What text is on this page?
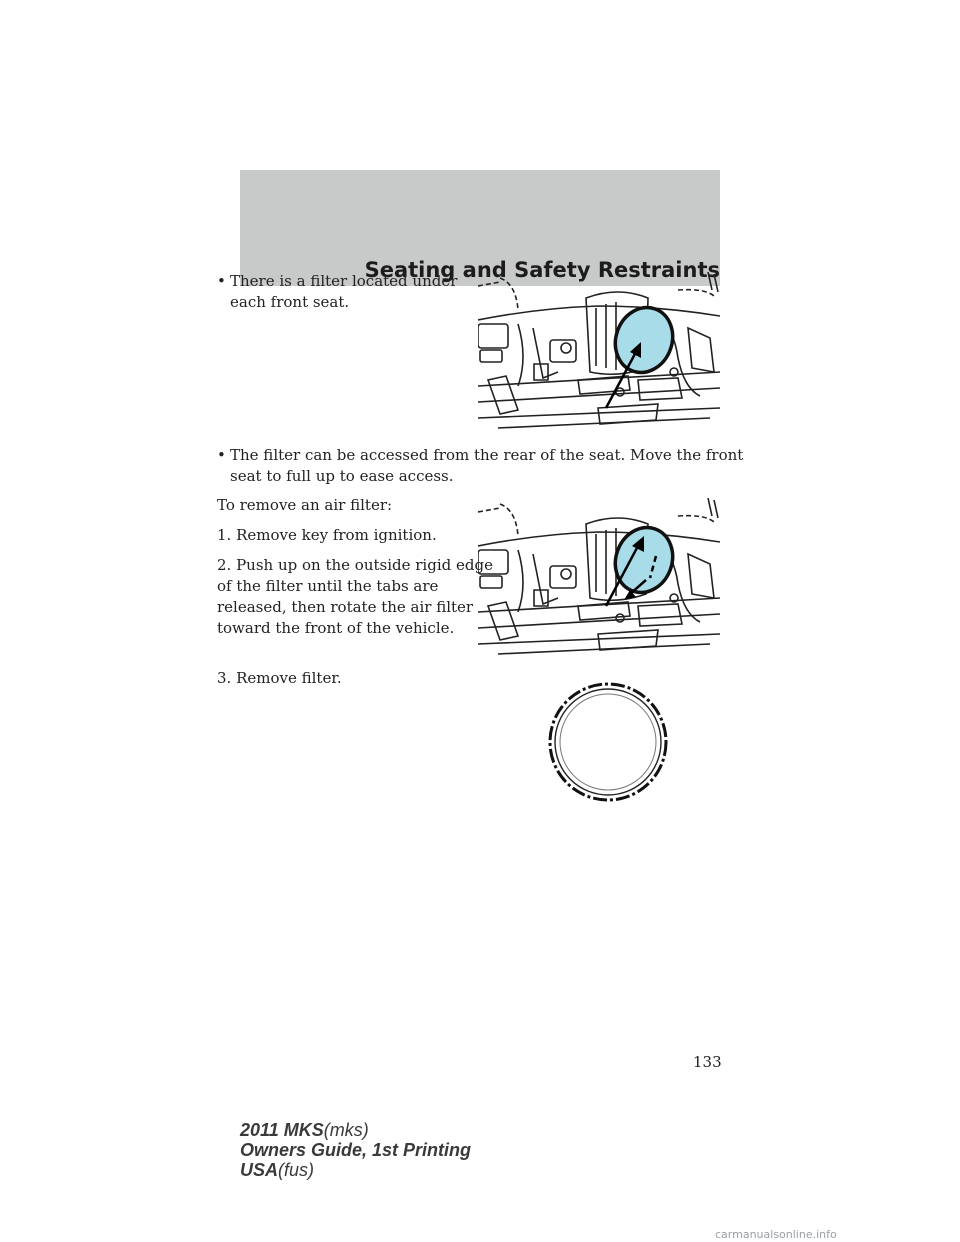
Seating and Safety Restraints
• There is a filter located under
each front seat.
• The filter can be accessed from the rear of the seat. Move the front
seat to full up to ease access.
To remove an air filter:
1. Remove key from ignition.
2. Push up on the outside rigid edge
of the filter until the tabs are
released, then rotate the air filter
toward the front of the vehicle.
3. Remove filter.
133
2011 MKS(mks)
Owners Guide, 1st Printing
USA(fus)
carmanualsonline.info
